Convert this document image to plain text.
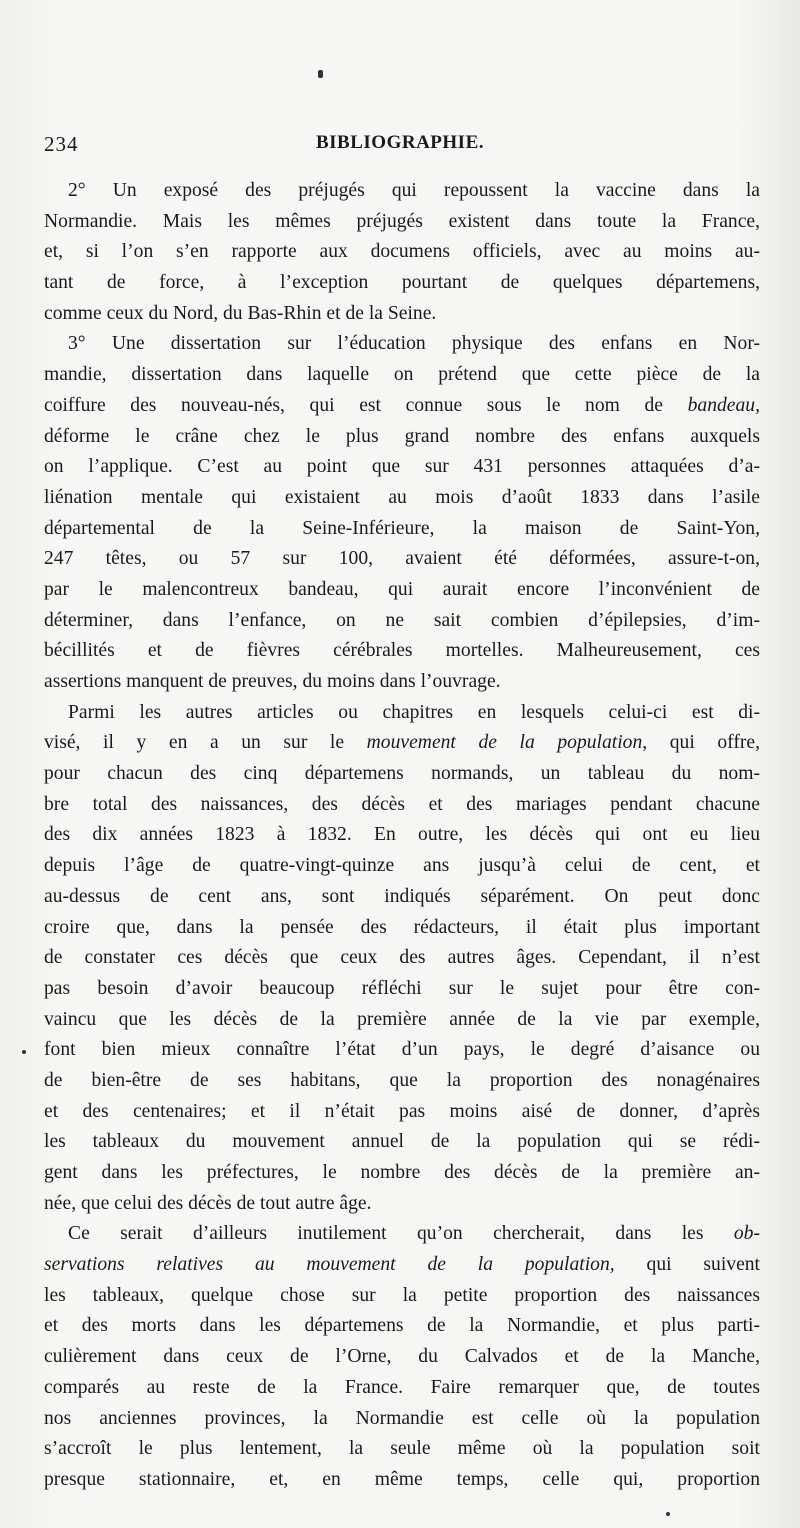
234	BIBLIOGRAPHIE.
2° Un exposé des préjugés qui repoussent la vaccine dans la
Normandie. Mais les mêmes préjugés existent dans toute la France,
et, si l’on s’en rapporte aux documens officiels, avec au moins au-
tant de force, à l’exception pourtant de quelques départemens,
comme ceux du Nord, du Bas-Rhin et de la Seine.
3° Une dissertation sur l’éducation physique des enfans en Nor-
mandie, dissertation dans laquelle on prétend que cette pièce de la
coiffure des nouveau-nés, qui est connue sous le nom de bandeau,
déforme le crâne chez le plus grand nombre des enfans auxquels
on l’applique. C’est au point que sur 431 personnes attaquées d’a-
liénation mentale qui existaient au mois d’août 1833 dans l’asile
départemental de la Seine-Inférieure, la maison de Saint-Yon,
247 têtes, ou 57 sur 100, avaient été déformées, assure-t-on,
par le malencontreux bandeau, qui aurait encore l’inconvénient de
déterminer, dans l’enfance, on ne sait combien d’épilepsies, d’im-
bécillités et de fièvres cérébrales mortelles. Malheureusement, ces
assertions manquent de preuves, du moins dans l’ouvrage.
Parmi les autres articles ou chapitres en lesquels celui-ci est di-
visé, il y en a un sur le mouvement de la population, qui offre,
pour chacun des cinq départemens normands, un tableau du nom-
bre total des naissances, des décès et des mariages pendant chacune
des dix années 1823 à 1832. En outre, les décès qui ont eu lieu
depuis l’âge de quatre-vingt-quinze ans jusqu’à celui de cent, et
au-dessus de cent ans, sont indiqués séparément. On peut donc
croire que, dans la pensée des rédacteurs, il était plus important
de constater ces décès que ceux des autres âges. Cependant, il n’est
pas besoin d’avoir beaucoup réfléchi sur le sujet pour être con-
vaincu que les décès de la première année de la vie par exemple,
font bien mieux connaître l’état d’un pays, le degré d’aisance ou
de bien-être de ses habitans, que la proportion des nonagénaires
et des centenaires; et il n’était pas moins aisé de donner, d’après
les tableaux du mouvement annuel de la population qui se rédi-
gent dans les préfectures, le nombre des décès de la première an-
née, que celui des décès de tout autre âge.
Ce serait d’ailleurs inutilement qu’on chercherait, dans les ob-
servations relatives au mouvement de la population, qui suivent
les tableaux, quelque chose sur la petite proportion des naissances
et des morts dans les départemens de la Normandie, et plus parti-
culièrement dans ceux de l’Orne, du Calvados et de la Manche,
comparés au reste de la France. Faire remarquer que, de toutes
nos anciennes provinces, la Normandie est celle où la population
s’accroît le plus lentement, la seule même où la population soit
presque stationnaire, et, en même temps, celle qui, proportion
